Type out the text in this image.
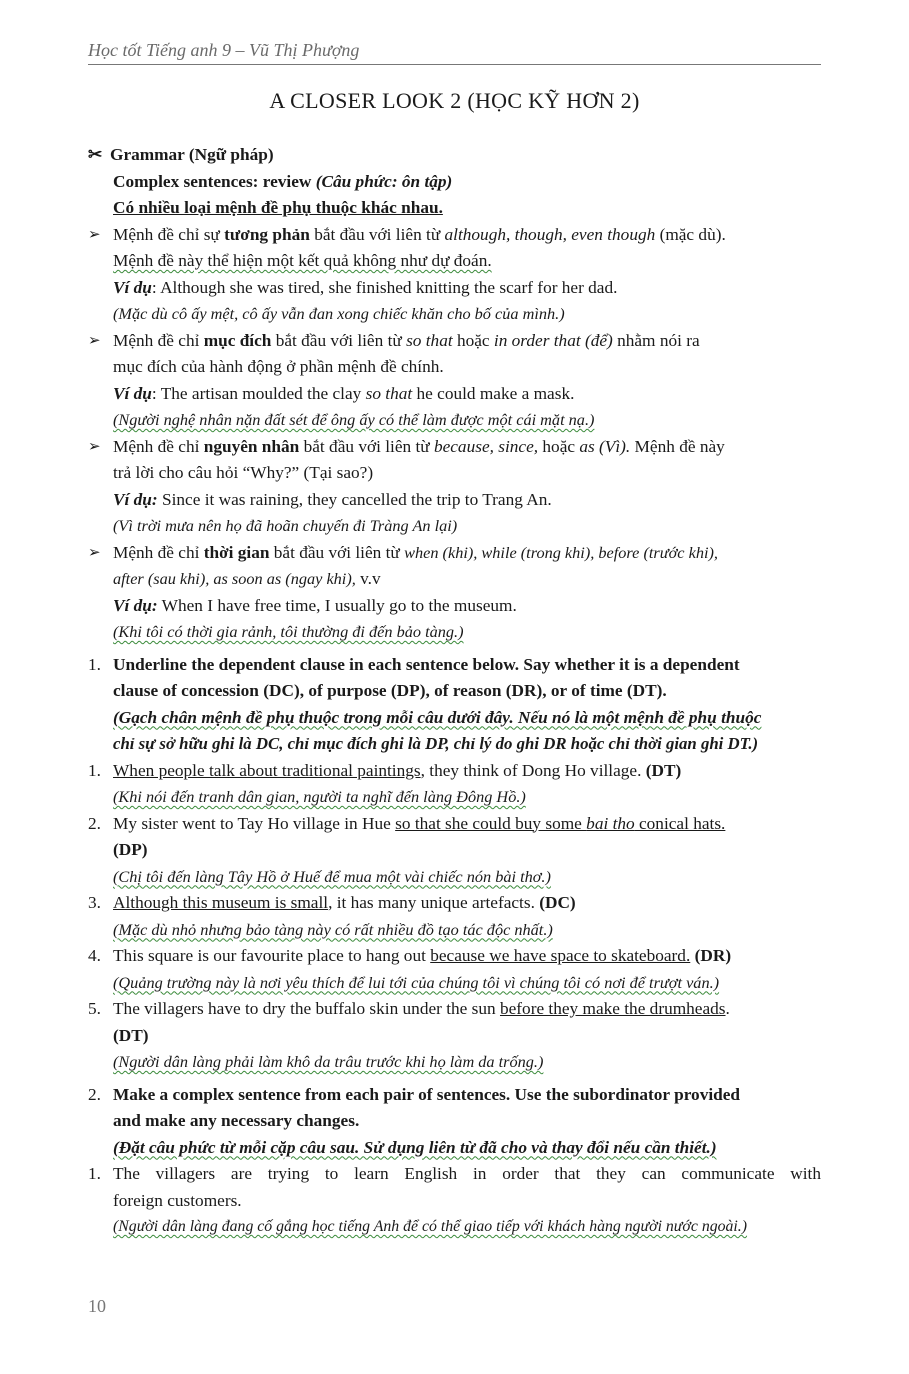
Học tốt Tiếng anh 9 – Vũ Thị Phượng
A CLOSER LOOK 2 (HỌC KỸ HƠN 2)
✂ Grammar (Ngữ pháp)
Complex sentences: review (Câu phức: ôn tập)
Có nhiều loại mệnh đề phụ thuộc khác nhau.
➢ Mệnh đề chỉ sự tương phản bắt đầu với liên từ although, though, even though (mặc dù).
Mệnh đề này thể hiện một kết quả không như dự đoán.
Ví dụ: Although she was tired, she finished knitting the scarf for her dad.
(Mặc dù cô ấy mệt, cô ấy vẫn đan xong chiếc khăn cho bố của mình.)
➢ Mệnh đề chỉ mục đích bắt đầu với liên từ so that hoặc in order that (để) nhằm nói ra
mục đích của hành động ở phần mệnh đề chính.
Ví dụ: The artisan moulded the clay so that he could make a mask.
(Người nghệ nhân nặn đất sét để ông ấy có thể làm được một cái mặt nạ.)
➢ Mệnh đề chỉ nguyên nhân bắt đầu với liên từ because, since, hoặc as (Vì). Mệnh đề này
trả lời cho câu hỏi “Why?” (Tại sao?)
Ví dụ: Since it was raining, they cancelled the trip to Trang An.
(Vì trời mưa nên họ đã hoãn chuyến đi Tràng An lại)
➢ Mệnh đề chỉ thời gian bắt đầu với liên từ when (khi), while (trong khi), before (trước khi),
after (sau khi), as soon as (ngay khi), v.v
Ví dụ: When I have free time, I usually go to the museum.
(Khi tôi có thời gia rảnh, tôi thường đi đến bảo tàng.)
1. Underline the dependent clause in each sentence below. Say whether it is a dependent
clause of concession (DC), of purpose (DP), of reason (DR), or of time (DT).
(Gạch chân mệnh đề phụ thuộc trong mỗi câu dưới đây. Nếu nó là một mệnh đề phụ thuộc
chỉ sự sở hữu ghi là DC, chỉ mục đích ghi là DP, chỉ lý do ghi DR hoặc chỉ thời gian ghi DT.)
1. When people talk about traditional paintings, they think of Dong Ho village. (DT)
(Khi nói đến tranh dân gian, người ta nghĩ đến làng Đông Hồ.)
2. My sister went to Tay Ho village in Hue so that she could buy some bai tho conical hats.
(DP)
(Chị tôi đến làng Tây Hồ ở Huế để mua một vài chiếc nón bài thơ.)
3. Although this museum is small, it has many unique artefacts. (DC)
(Mặc dù nhỏ nhưng bảo tàng này có rất nhiều đồ tạo tác độc nhất.)
4. This square is our favourite place to hang out because we have space to skateboard. (DR)
(Quảng trường này là nơi yêu thích để lui tới của chúng tôi vì chúng tôi có nơi để trượt ván.)
5. The villagers have to dry the buffalo skin under the sun before they make the drumheads.
(DT)
(Người dân làng phải làm khô da trâu trước khi họ làm da trống.)
2. Make a complex sentence from each pair of sentences. Use the subordinator provided
and make any necessary changes.
(Đặt câu phức từ mỗi cặp câu sau. Sử dụng liên từ đã cho và thay đổi nếu cần thiết.)
1. The villagers are trying to learn English in order that they can communicate with
foreign customers.
(Người dân làng đang cố gắng học tiếng Anh để có thể giao tiếp với khách hàng người nước ngoài.)
10
